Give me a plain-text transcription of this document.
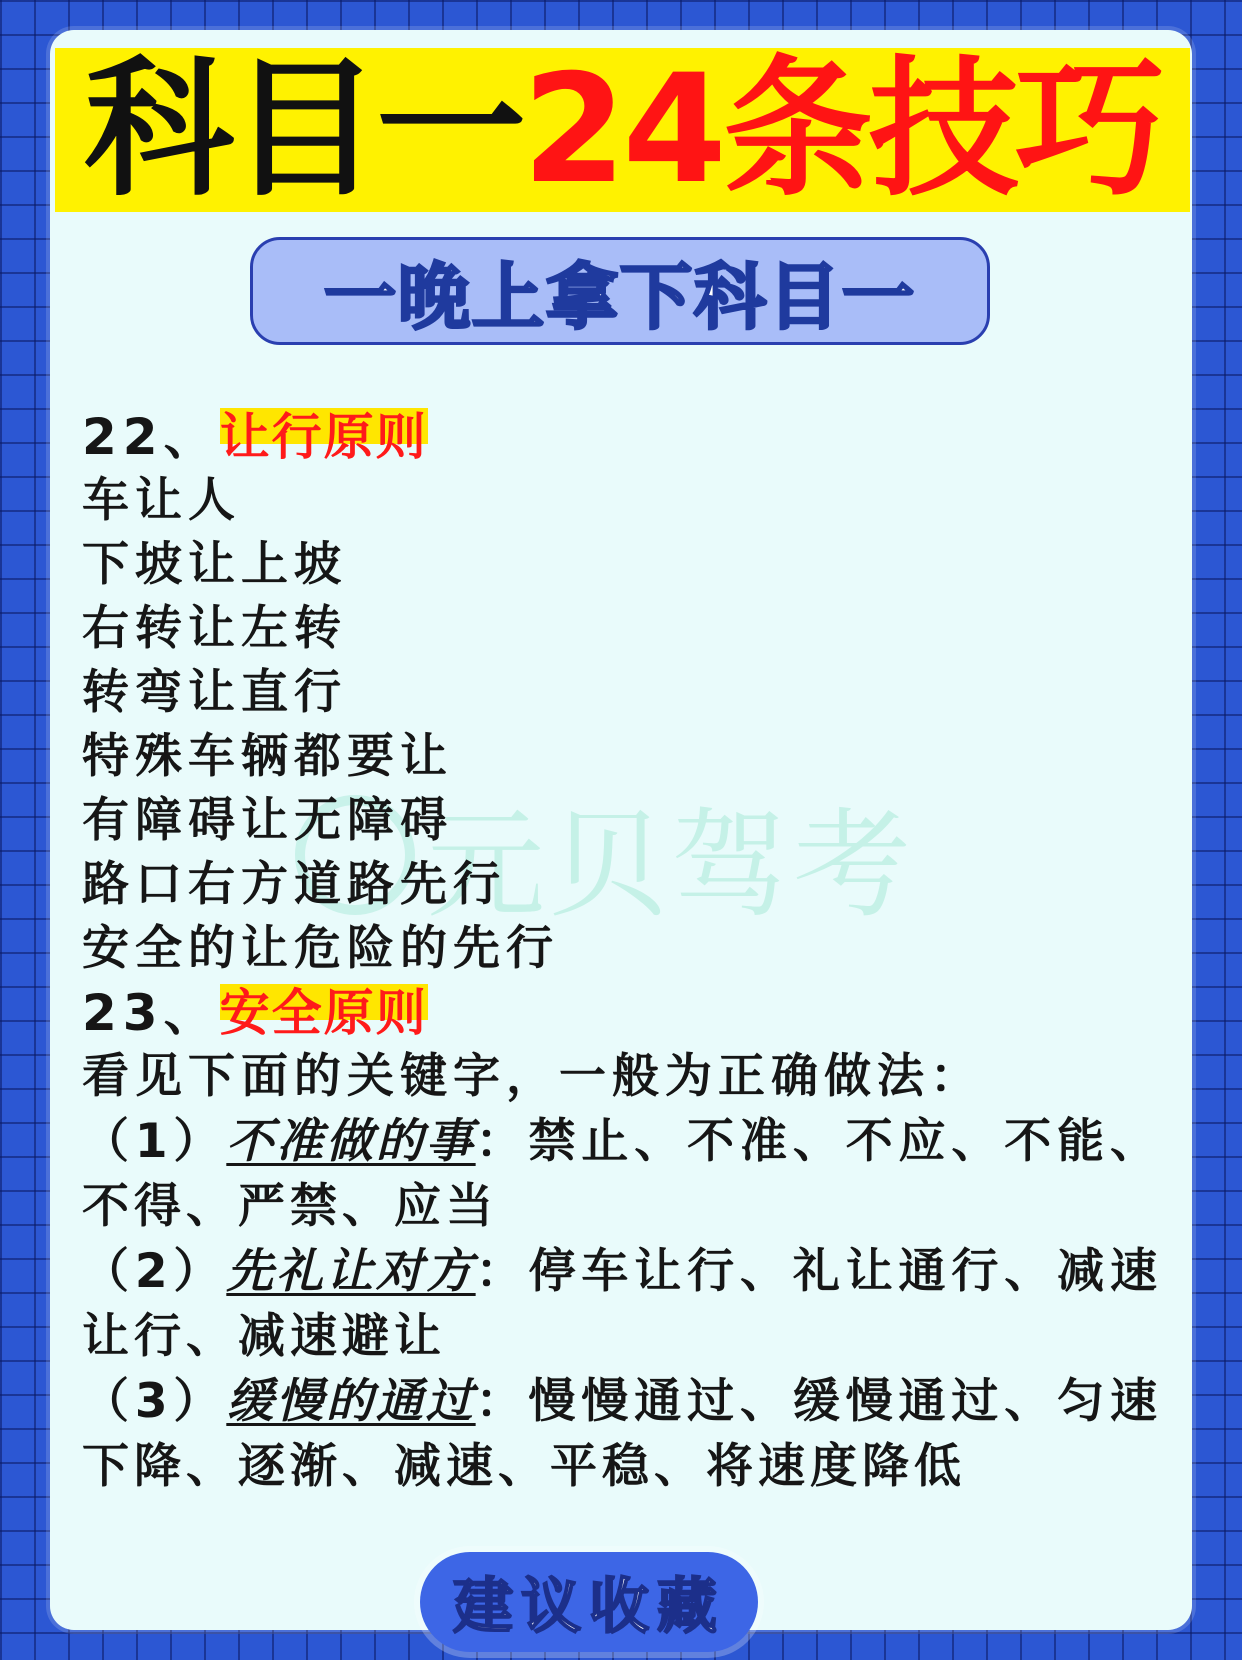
科目一 24条技巧
一晚上拿下科目一
元贝驾考
22、让行原则
车让人
下坡让上坡
右转让左转
转弯让直行
特殊车辆都要让
有障碍让无障碍
路口右方道路先行
安全的让危险的先行
23、安全原则
看见下面的关键字，一般为正确做法：
（1）不准做的事：禁止、不准、不应、不能、不得、严禁、应当
（2）先礼让对方：停车让行、礼让通行、减速让行、减速避让
（3）缓慢的通过：慢慢通过、缓慢通过、匀速下降、逐渐、减速、平稳、将速度降低
建议收藏
